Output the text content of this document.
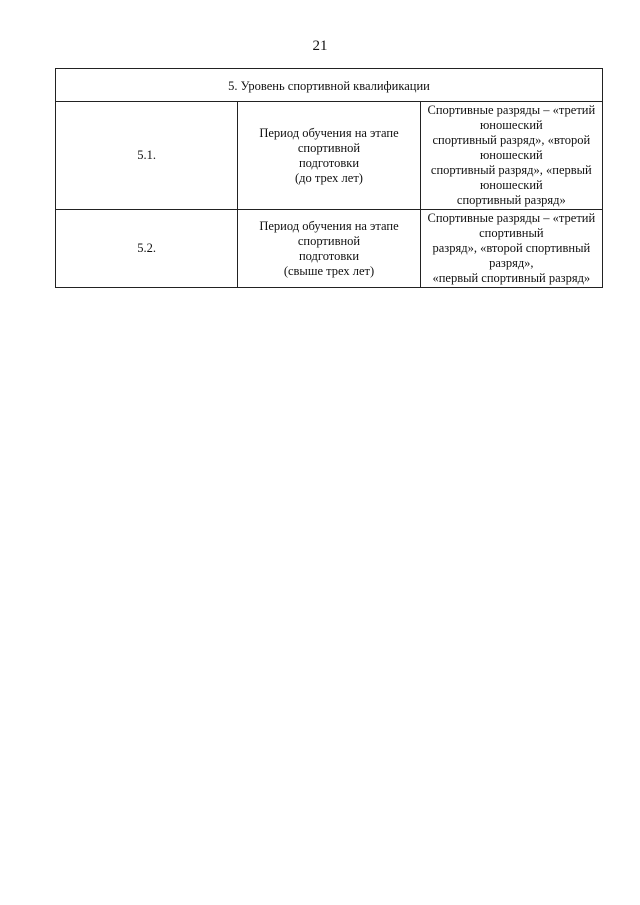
21
5. Уровень спортивной квалификации		
5.1.	Период обучения на этапе спортивной
подготовки
(до трех лет)	Спортивные разряды – «третий юношеский
спортивный разряд», «второй юношеский
спортивный разряд», «первый юношеский
спортивный разряд»

5.2.	Период обучения на этапе спортивной
подготовки
(свыше трех лет)	Спортивные разряды – «третий спортивный
разряд», «второй спортивный разряд»,
«первый спортивный разряд»
